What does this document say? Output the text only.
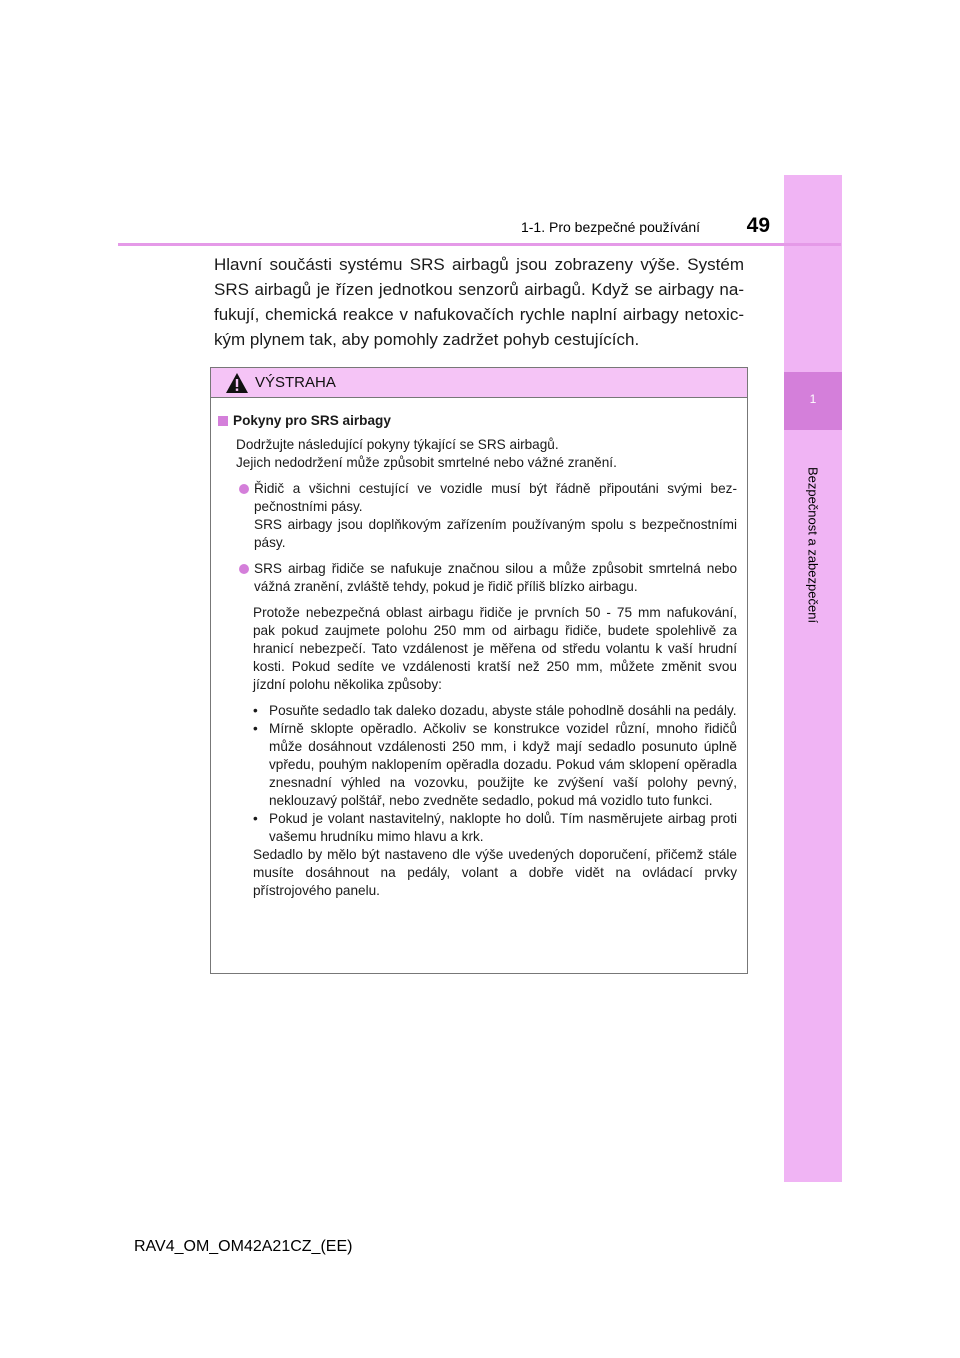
1
Bezpečnost a zabezpečení
1-1. Pro bezpečné používání	49

Hlavní součásti systému SRS airbagů jsou zobrazeny výše. Systém SRS airbagů je řízen jednotkou senzorů airbagů. Když se airbagy nafukují, chemická reakce v nafukovačích rychle naplní airbagy netoxickým plynem tak, aby pomohly zadržet pohyb cestujících.

VÝSTRAHA
Pokyny pro SRS airbagy
Dodržujte následující pokyny týkající se SRS airbagů.
Jejich nedodržení může způsobit smrtelné nebo vážné zranění.
Řidič a všichni cestující ve vozidle musí být řádně připoutáni svými bezpečnostními pásy.
SRS airbagy jsou doplňkovým zařízením používaným spolu s bezpečnostními pásy.
SRS airbag řidiče se nafukuje značnou silou a může způsobit smrtelná nebo vážná zranění, zvláště tehdy, pokud je řidič příliš blízko airbagu.
Protože nebezpečná oblast airbagu řidiče je prvních 50 - 75 mm nafukování, pak pokud zaujmete polohu 250 mm od airbagu řidiče, budete spolehlivě za hranicí nebezpečí. Tato vzdálenost je měřena od středu volantu k vaší hrudní kosti. Pokud sedíte ve vzdálenosti kratší než 250 mm, můžete změnit svou jízdní polohu několika způsoby:
• Posuňte sedadlo tak daleko dozadu, abyste stále pohodlně dosáhli na pedály.
• Mírně sklopte opěradlo. Ačkoliv se konstrukce vozidel různí, mnoho řidičů může dosáhnout vzdálenosti 250 mm, i když mají sedadlo posunuto úplně vpředu, pouhým naklopením opěradla dozadu. Pokud vám sklopení opěradla znesnadní výhled na vozovku, použijte ke zvýšení vaší polohy pevný, neklouzavý polštář, nebo zvedněte sedadlo, pokud má vozidlo tuto funkci.
• Pokud je volant nastavitelný, naklopte ho dolů. Tím nasměrujete airbag proti vašemu hrudníku mimo hlavu a krk.
Sedadlo by mělo být nastaveno dle výše uvedených doporučení, přičemž stále musíte dosáhnout na pedály, volant a dobře vidět na ovládací prvky přístrojového panelu.
RAV4_OM_OM42A21CZ_(EE)
